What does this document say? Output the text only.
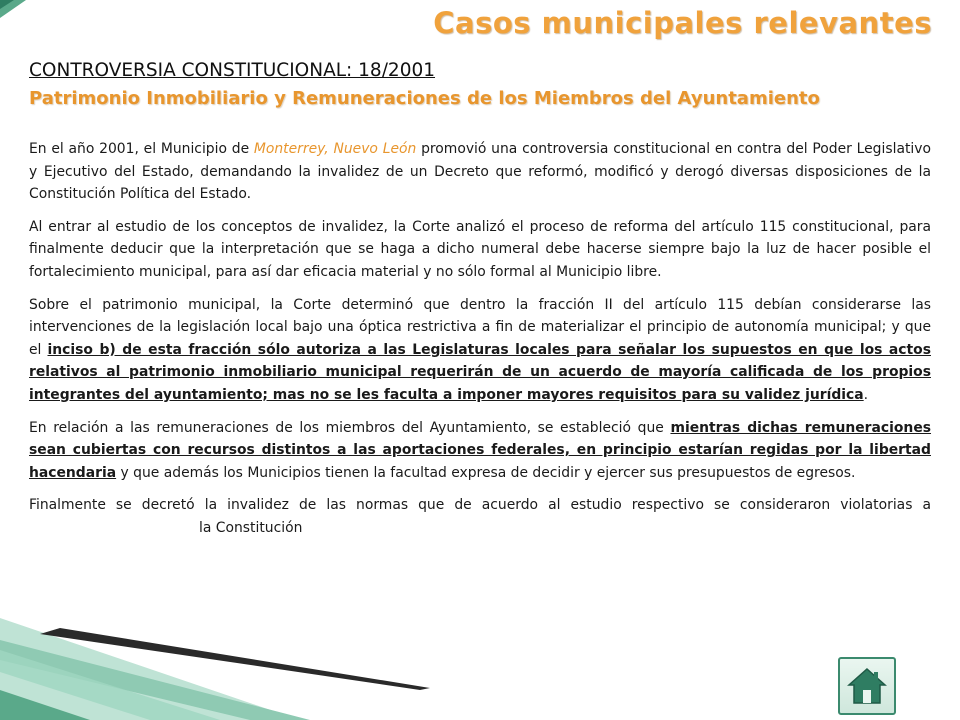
Casos municipales relevantes
CONTROVERSIA CONSTITUCIONAL: 18/2001
Patrimonio Inmobiliario y Remuneraciones de los Miembros del Ayuntamiento

En el año 2001, el Municipio de Monterrey, Nuevo León promovió una controversia constitucional en contra del Poder Legislativo y Ejecutivo del Estado, demandando la invalidez de un Decreto que reformó, modificó y derogó diversas disposiciones de la Constitución Política del Estado.

Al entrar al estudio de los conceptos de invalidez, la Corte analizó el proceso de reforma del artículo 115 constitucional, para finalmente deducir que la interpretación que se haga a dicho numeral debe hacerse siempre bajo la luz de hacer posible el fortalecimiento municipal, para así dar eficacia material y no sólo formal al Municipio libre.

Sobre el patrimonio municipal, la Corte determinó que dentro la fracción II del artículo 115 debían considerarse las intervenciones de la legislación local bajo una óptica restrictiva a fin de materializar el principio de autonomía municipal; y que el inciso b) de esta fracción sólo autoriza a las Legislaturas locales para señalar los supuestos en que los actos relativos al patrimonio inmobiliario municipal requerirán de un acuerdo de mayoría calificada de los propios integrantes del ayuntamiento; mas no se les faculta a imponer mayores requisitos para su validez jurídica.

En relación a las remuneraciones de los miembros del Ayuntamiento, se estableció que mientras dichas remuneraciones sean cubiertas con recursos distintos a las aportaciones federales, en principio estarían regidas por la libertad hacendaria y que además los Municipios tienen la facultad expresa de decidir y ejercer sus presupuestos de egresos.

Finalmente se decretó la invalidez de las normas que de acuerdo al estudio respectivo se consideraron violatorias ala Constitución
